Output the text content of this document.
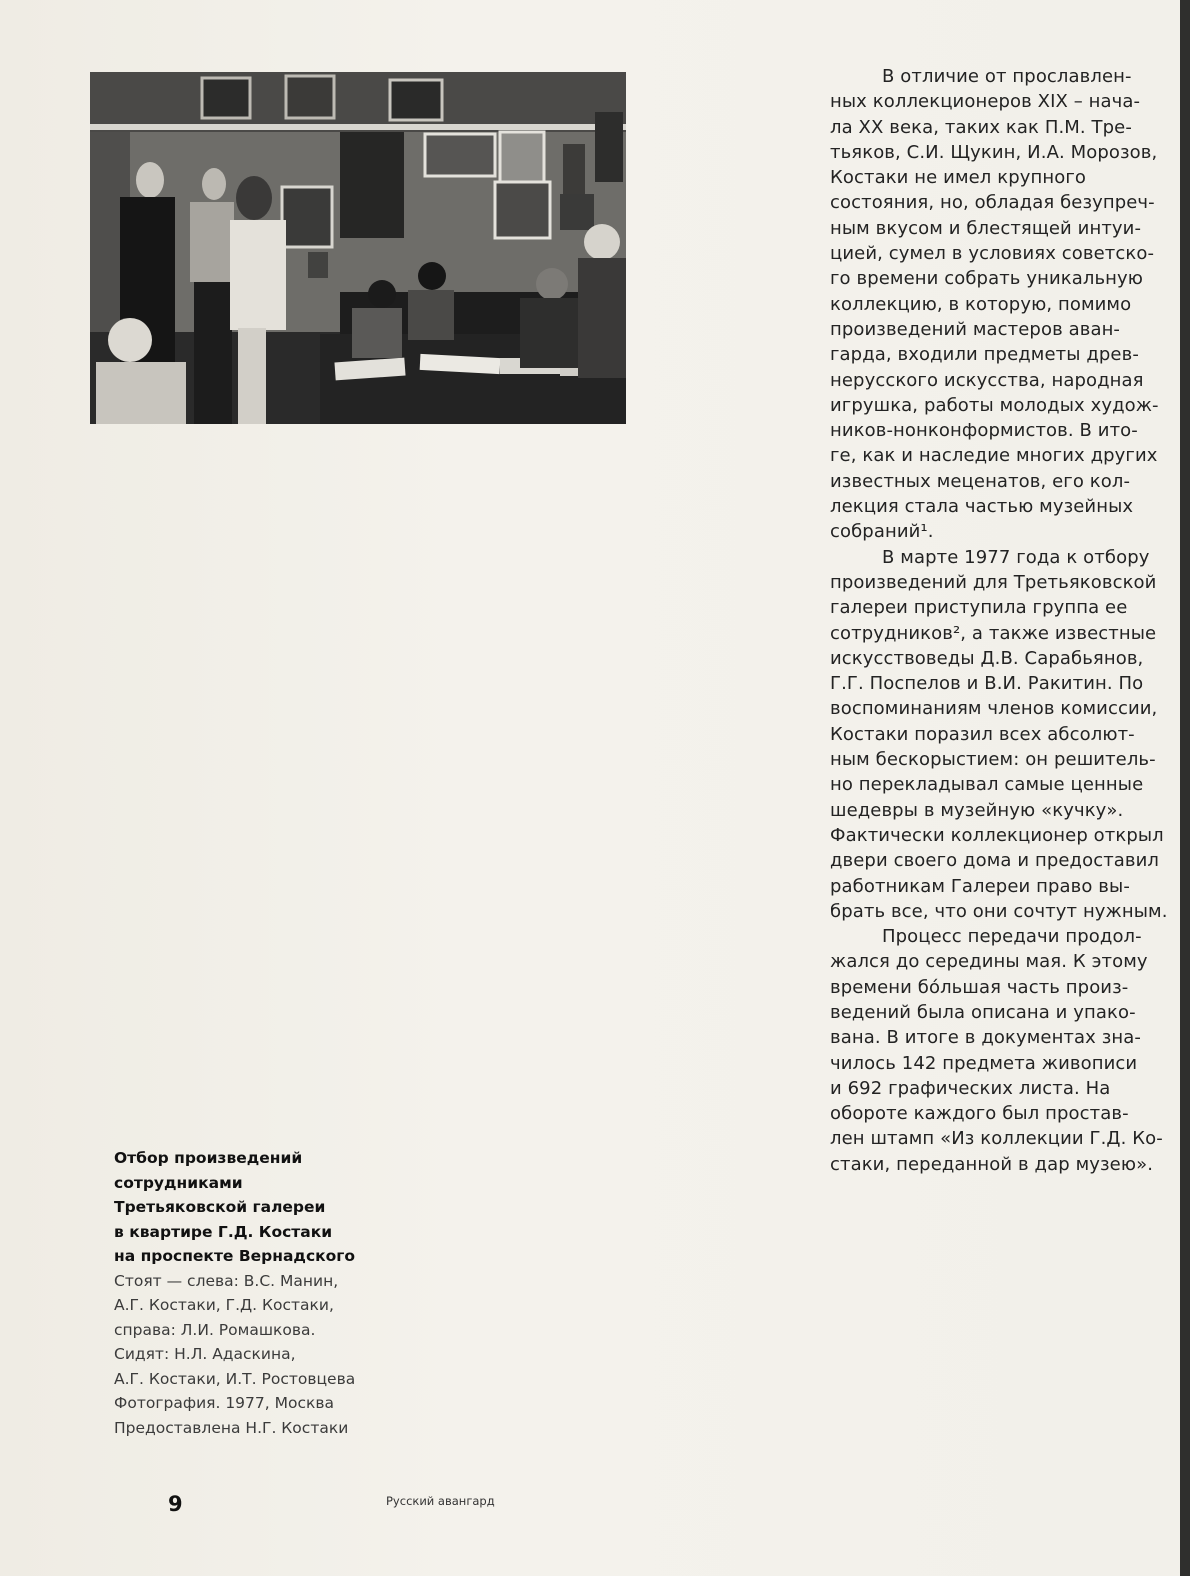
В отличие от прославлен-
ных коллекционеров XIX – нача-
ла XX века, таких как П.М. Тре-
тьяков, С.И. Щукин, И.А. Морозов,
Костаки не имел крупного
состояния, но, обладая безупреч-
ным вкусом и блестящей интуи-
цией, сумел в условиях советско-
го времени собрать уникальную
коллекцию, в которую, помимо
произведений мастеров аван-
гарда, входили предметы древ-
нерусского искусства, народная
игрушка, работы молодых худож-
ников-нонконформистов. В ито-
ге, как и наследие многих других
известных меценатов, его кол-
лекция стала частью музейных
собраний¹.
В марте 1977 года к отбору
произведений для Третьяковской
галереи приступила группа ее
сотрудников², а также известные
искусствоведы Д.В. Сарабьянов,
Г.Г. Поспелов и В.И. Ракитин. По
воспоминаниям членов комиссии,
Костаки поразил всех абсолют-
ным бескорыстием: он решитель-
но перекладывал самые ценные
шедевры в музейную «кучку».
Фактически коллекционер открыл
двери своего дома и предоставил
работникам Галереи право вы-
брать все, что они сочтут нужным.
Процесс передачи продол-
жался до середины мая. К этому
времени бóльшая часть произ-
ведений была описана и упако-
вана. В итоге в документах зна-
чилось 142 предмета живописи
и 692 графических листа. На
обороте каждого был простав-
лен штамп «Из коллекции Г.Д. Ко-
стаки, переданной в дар музею».
Отбор произведений
сотрудниками
Третьяковской галереи
в квартире Г.Д. Костаки
на проспекте Вернадского
Стоят — слева: В.С. Манин,
А.Г. Костаки, Г.Д. Костаки,
справа: Л.И. Ромашкова.
Сидят: Н.Л. Адаскина,
А.Г. Костаки, И.Т. Ростовцева
Фотография. 1977, Москва
Предоставлена Н.Г. Костаки
9	Русский авангард
